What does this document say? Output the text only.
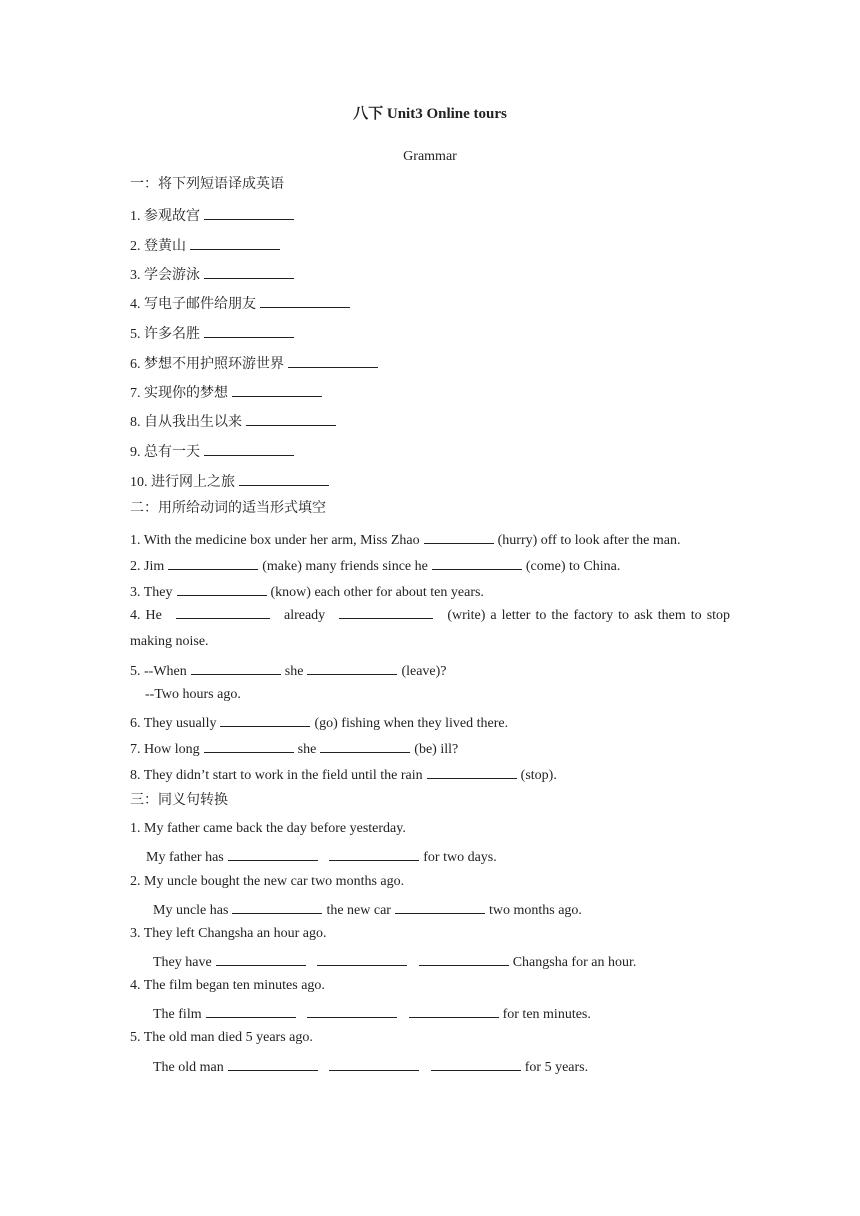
八下 Unit3 Online tours
Grammar
一：将下列短语译成英语
1. 参观故宫
2. 登黄山
3. 学会游泳
4. 写电子邮件给朋友
5. 许多名胜
6. 梦想不用护照环游世界
7. 实现你的梦想
8. 自从我出生以来
9. 总有一天
10. 进行网上之旅
二：用所给动词的适当形式填空
1. With the medicine box under her arm, Miss Zhao	(hurry) off to look after the man.
2. Jim	(make) many friends since he	(come) to China.
3. They	(know) each other for about ten years.
4. He	already	(write) a letter to the factory to ask them to stop making noise.
5. --When	she	(leave)?
--Two hours ago.
6. They usually	(go) fishing when they lived there.
7. How long	she	(be) ill?
8. They didn’t start to work in the field until the rain	(stop).
三：同义句转换
1. My father came back the day before yesterday.
My father has	for two days.
2. My uncle bought the new car two months ago.
My uncle has	the new car	two months ago.
3. They left Changsha an hour ago.
They have	Changsha for an hour.
4. The film began ten minutes ago.
The film	for ten minutes.
5. The old man died 5 years ago.
The old man	for 5 years.
